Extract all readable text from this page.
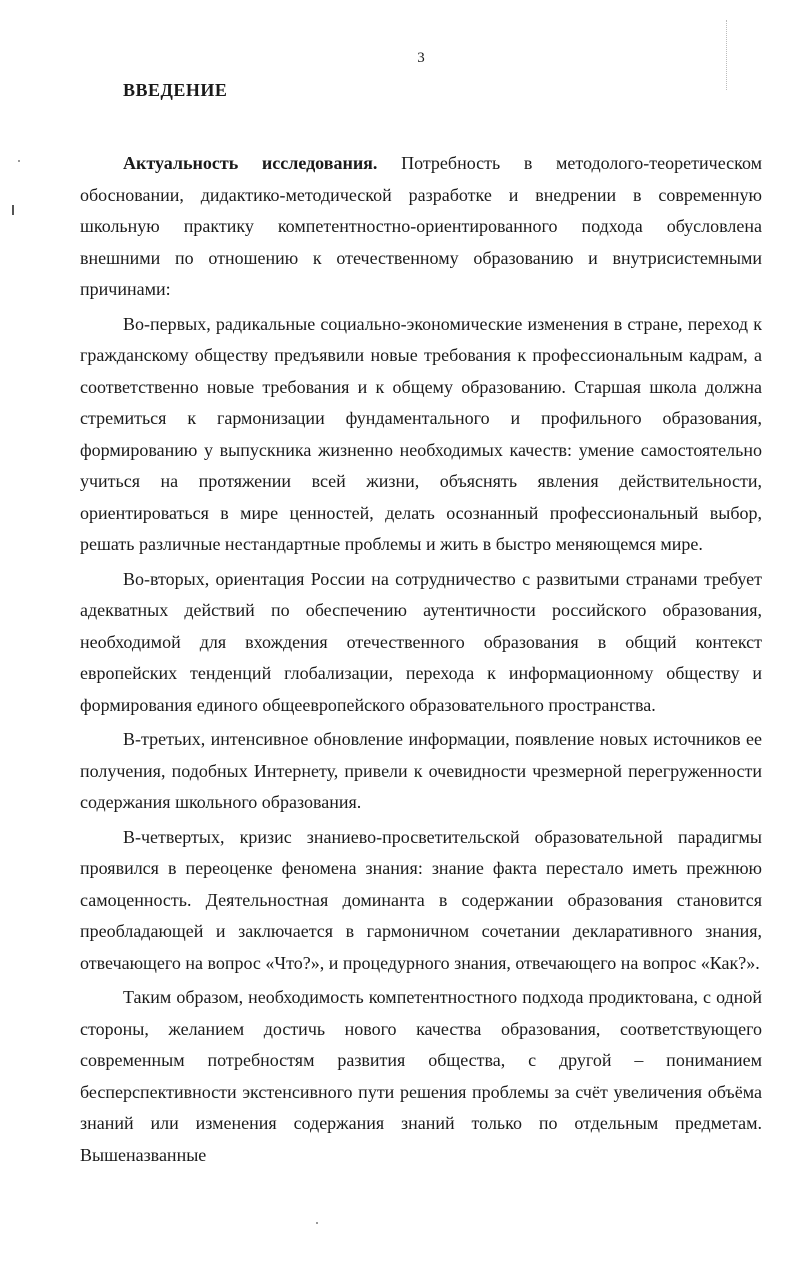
3
ВВЕДЕНИЕ

Актуальность исследования. Потребность в методолого-теоретическом обосновании, дидактико-методической разработке и внедрении в современную школьную практику компетентностно-ориентированного подхода обусловлена внешними по отношению к отечественному образованию и внутрисистемными причинами:

Во-первых, радикальные социально-экономические изменения в стране, переход к гражданскому обществу предъявили новые требования к профессиональным кадрам, а соответственно новые требования и к общему образованию. Старшая школа должна стремиться к гармонизации фундаментального и профильного образования, формированию у выпускника жизненно необходимых качеств: умение самостоятельно учиться на протяжении всей жизни, объяснять явления действительности, ориентироваться в мире ценностей, делать осознанный профессиональный выбор, решать различные нестандартные проблемы и жить в быстро меняющемся мире.

Во-вторых, ориентация России на сотрудничество с развитыми странами требует адекватных действий по обеспечению аутентичности российского образования, необходимой для вхождения отечественного образования в общий контекст европейских тенденций глобализации, перехода к информационному обществу и формирования единого общеевропейского образовательного пространства.

В-третьих, интенсивное обновление информации, появление новых источников ее получения, подобных Интернету, привели к очевидности чрезмерной перегруженности содержания школьного образования.

В-четвертых, кризис знаниево-просветительской образовательной парадигмы проявился в переоценке феномена знания: знание факта перестало иметь прежнюю самоценность. Деятельностная доминанта в содержании образования становится преобладающей и заключается в гармоничном сочетании декларативного знания, отвечающего на вопрос «Что?», и процедурного знания, отвечающего на вопрос «Как?».

Таким образом, необходимость компетентностного подхода продиктована, с одной стороны, желанием достичь нового качества образования, соответствующего современным потребностям развития общества, с другой – пониманием бесперспективности экстенсивного пути решения проблемы за счёт увеличения объёма знаний или изменения содержания знаний только по отдельным предметам. Вышеназванные
